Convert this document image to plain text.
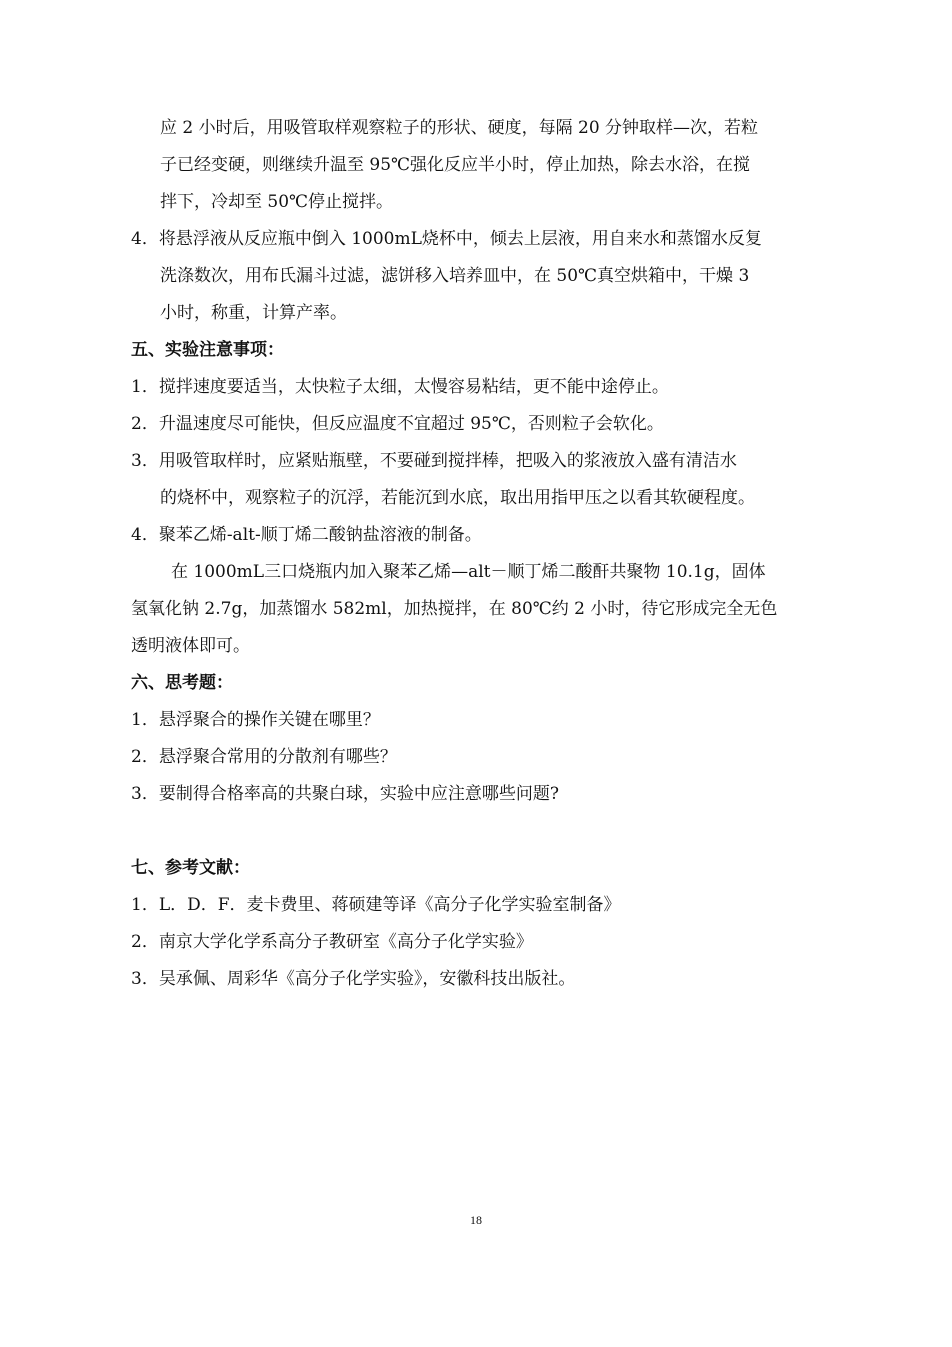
应 2 小时后，用吸管取样观察粒子的形状、硬度，每隔 20 分钟取样—次，若粒
子已经变硬，则继续升温至 95℃强化反应半小时，停止加热，除去水浴，在搅
拌下，冷却至 50℃停止搅拌。
4．将悬浮液从反应瓶中倒入 1000mL烧杯中，倾去上层液，用自来水和蒸馏水反复
洗涤数次，用布氏漏斗过滤，滤饼移入培养皿中，在 50℃真空烘箱中，干燥 3
小时，称重，计算产率。
五、实验注意事项：
1．搅拌速度要适当，太快粒子太细，太慢容易粘结，更不能中途停止。
2．升温速度尽可能快，但反应温度不宜超过 95℃，否则粒子会软化。
3．用吸管取样时，应紧贴瓶壁，不要碰到搅拌棒，把吸入的浆液放入盛有清洁水
的烧杯中，观察粒子的沉浮，若能沉到水底，取出用指甲压之以看其软硬程度。
4．聚苯乙烯-alt-顺丁烯二酸钠盐溶液的制备。
在 1000mL三口烧瓶内加入聚苯乙烯—alt－顺丁烯二酸酐共聚物 10.1g，固体
氢氧化钠 2.7g，加蒸馏水 582ml，加热搅拌，在 80℃约 2 小时，待它形成完全无色
透明液体即可。
六、思考题：
1．悬浮聚合的操作关键在哪里？
2．悬浮聚合常用的分散剂有哪些？
3．要制得合格率高的共聚白球，实验中应注意哪些问题?
七、参考文献：
1．L．D．F．麦卡费里、蒋硕建等译《高分子化学实验室制备》
2．南京大学化学系高分子教研室《高分子化学实验》
3．吴承佩、周彩华《高分子化学实验》，安徽科技出版社。
18
